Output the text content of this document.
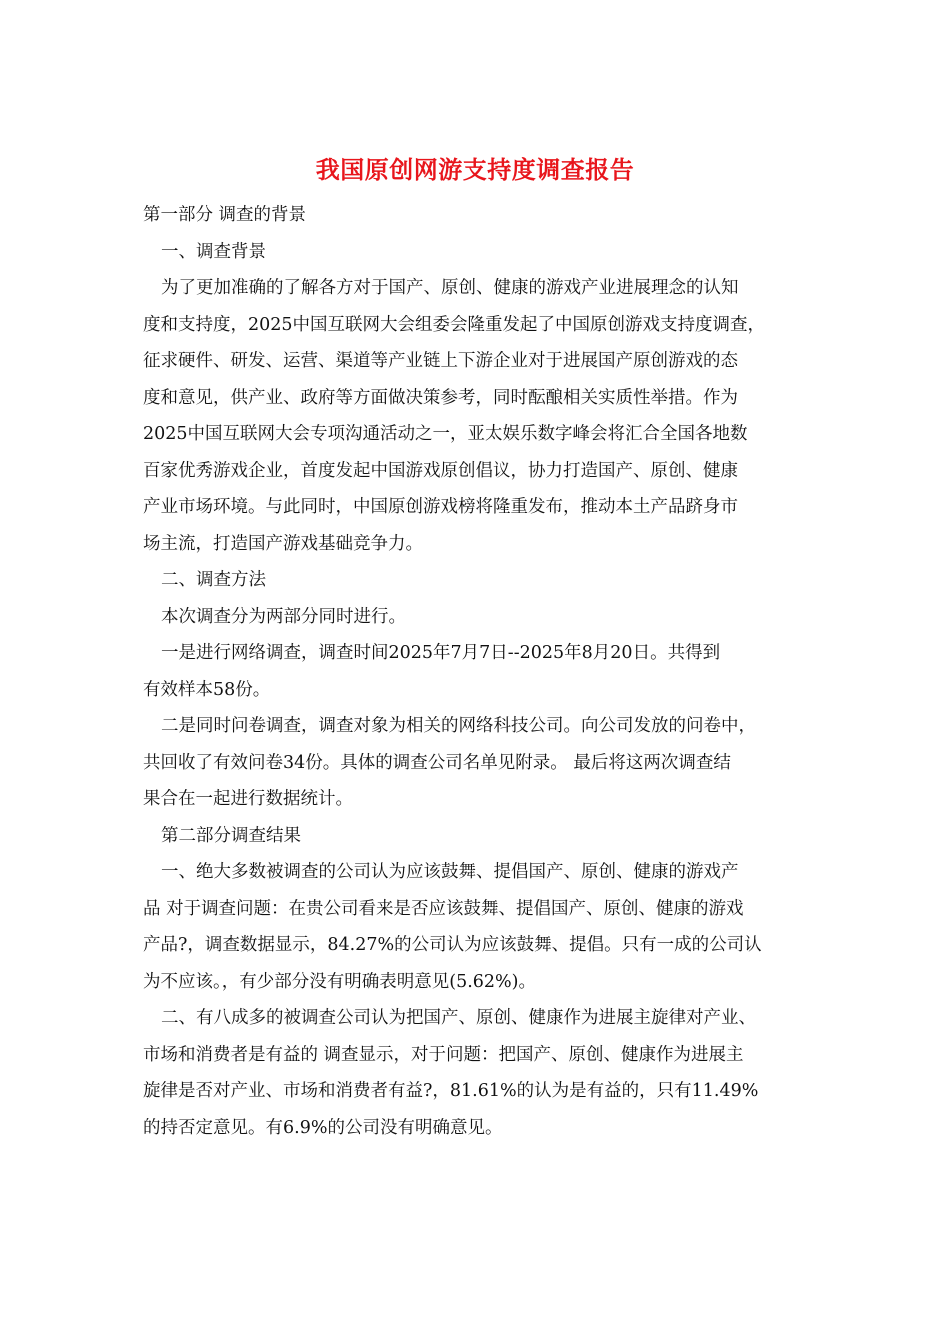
我国原创网游支持度调查报告
第一部分 调查的背景
一、调查背景
为了更加准确的了解各方对于国产、原创、健康的游戏产业进展理念的认知
度和支持度，2025中国互联网大会组委会隆重发起了中国原创游戏支持度调查，
征求硬件、研发、运营、渠道等产业链上下游企业对于进展国产原创游戏的态
度和意见，供产业、政府等方面做决策参考，同时酝酿相关实质性举措。作为
2025中国互联网大会专项沟通活动之一，亚太娱乐数字峰会将汇合全国各地数
百家优秀游戏企业，首度发起中国游戏原创倡议，协力打造国产、原创、健康
产业市场环境。与此同时，中国原创游戏榜将隆重发布，推动本土产品跻身市
场主流，打造国产游戏基础竞争力。
二、调查方法
本次调查分为两部分同时进行。
一是进行网络调查，调查时间2025年7月7日--2025年8月20日。共得到
有效样本58份。
二是同时问卷调查，调查对象为相关的网络科技公司。向公司发放的问卷中，
共回收了有效问卷34份。具体的调查公司名单见附录。 最后将这两次调查结
果合在一起进行数据统计。
第二部分调查结果
一、绝大多数被调查的公司认为应该鼓舞、提倡国产、原创、健康的游戏产
品 对于调查问题：在贵公司看来是否应该鼓舞、提倡国产、原创、健康的游戏
产品?，调查数据显示，84.27%的公司认为应该鼓舞、提倡。只有一成的公司认
为不应该。，有少部分没有明确表明意见(5.62%)。
二、有八成多的被调查公司认为把国产、原创、健康作为进展主旋律对产业、
市场和消费者是有益的 调查显示，对于问题：把国产、原创、健康作为进展主
旋律是否对产业、市场和消费者有益?，81.61%的认为是有益的，只有11.49%
的持否定意见。有6.9%的公司没有明确意见。
